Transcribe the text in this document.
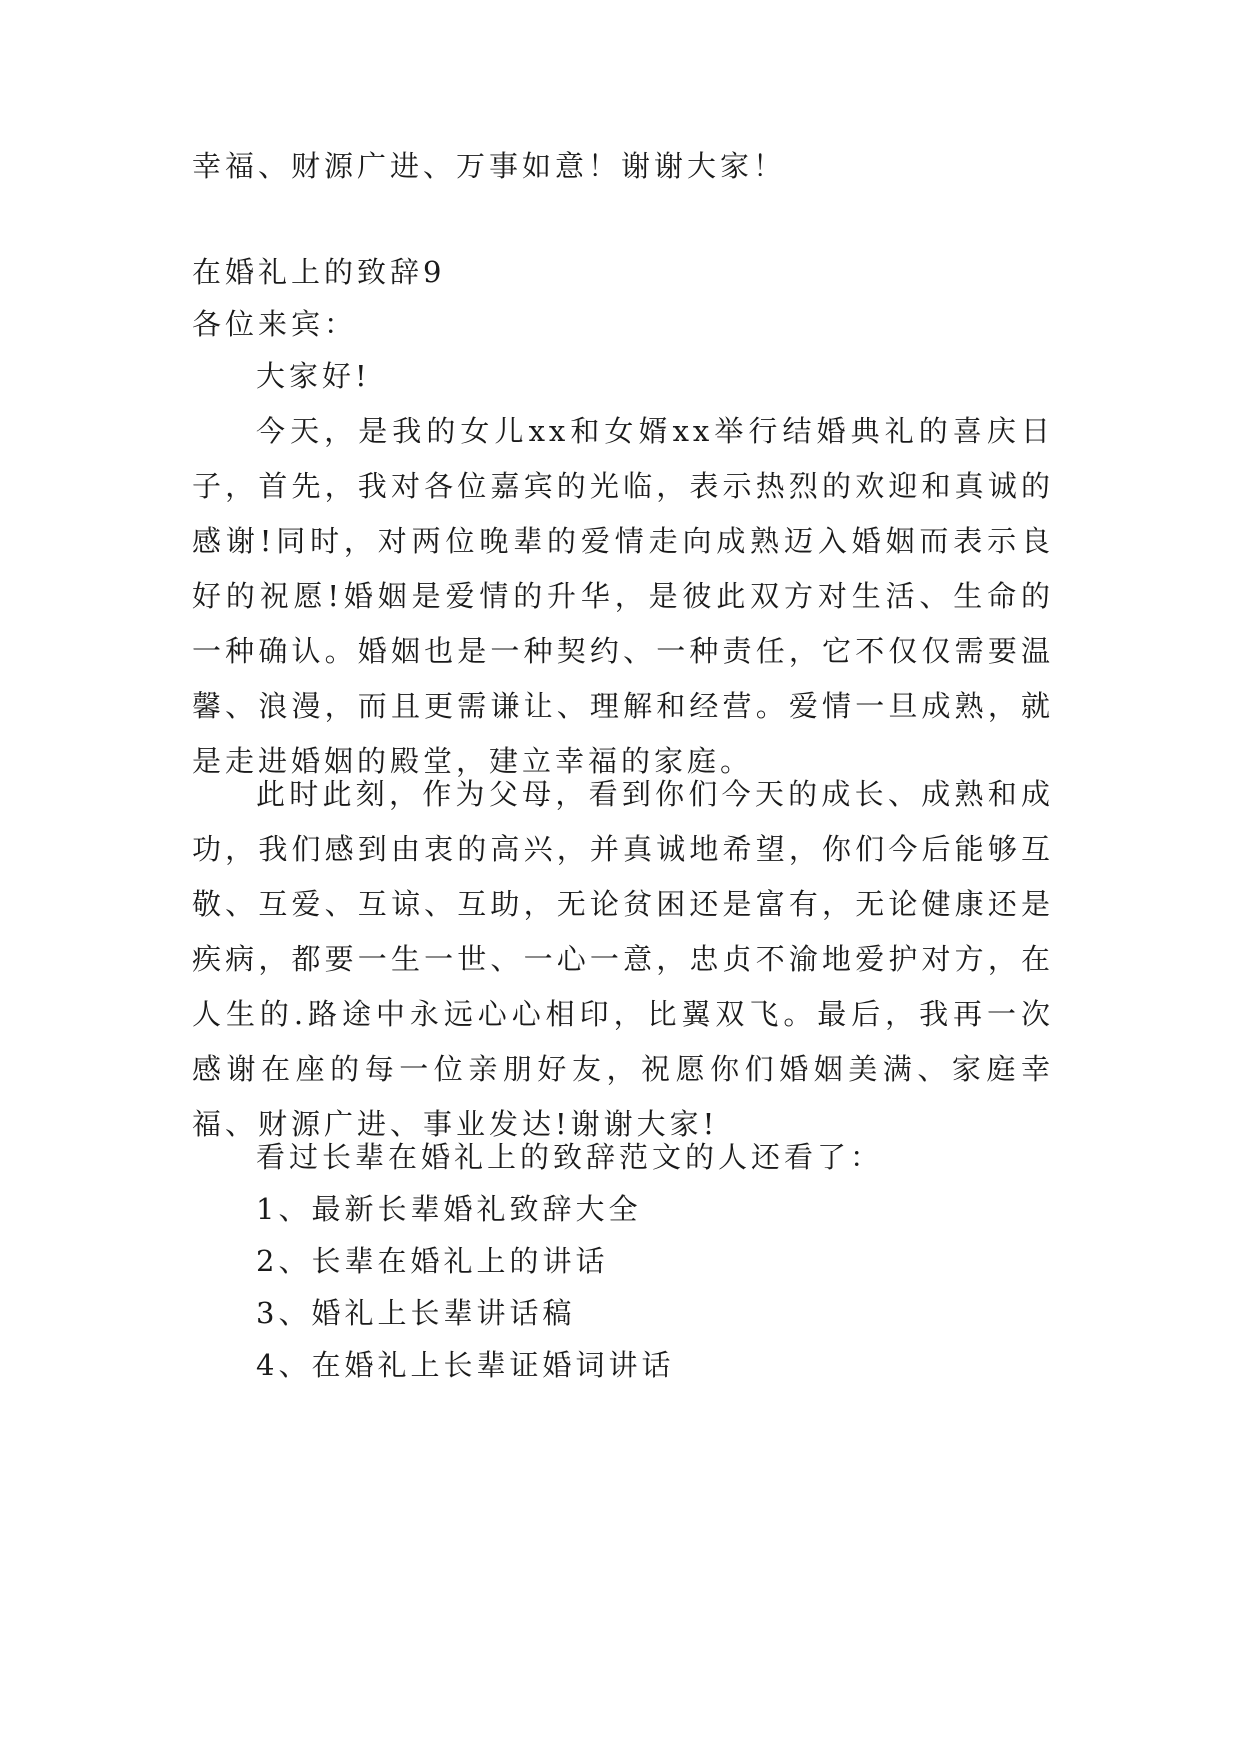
幸福、财源广进、万事如意！谢谢大家！
在婚礼上的致辞9
各位来宾：
大家好!
今天，是我的女儿xx和女婿xx举行结婚典礼的喜庆日子，首先，我对各位嘉宾的光临，表示热烈的欢迎和真诚的感谢!同时，对两位晚辈的爱情走向成熟迈入婚姻而表示良好的祝愿!婚姻是爱情的升华，是彼此双方对生活、生命的一种确认。婚姻也是一种契约、一种责任，它不仅仅需要温馨、浪漫，而且更需谦让、理解和经营。爱情一旦成熟，就是走进婚姻的殿堂，建立幸福的家庭。
此时此刻，作为父母，看到你们今天的成长、成熟和成功，我们感到由衷的高兴，并真诚地希望，你们今后能够互敬、互爱、互谅、互助，无论贫困还是富有，无论健康还是疾病，都要一生一世、一心一意，忠贞不渝地爱护对方，在人生的.路途中永远心心相印，比翼双飞。最后，我再一次感谢在座的每一位亲朋好友，祝愿你们婚姻美满、家庭幸福、财源广进、事业发达!谢谢大家!
看过长辈在婚礼上的致辞范文的人还看了：
1、最新长辈婚礼致辞大全
2、长辈在婚礼上的讲话
3、婚礼上长辈讲话稿
4、在婚礼上长辈证婚词讲话
